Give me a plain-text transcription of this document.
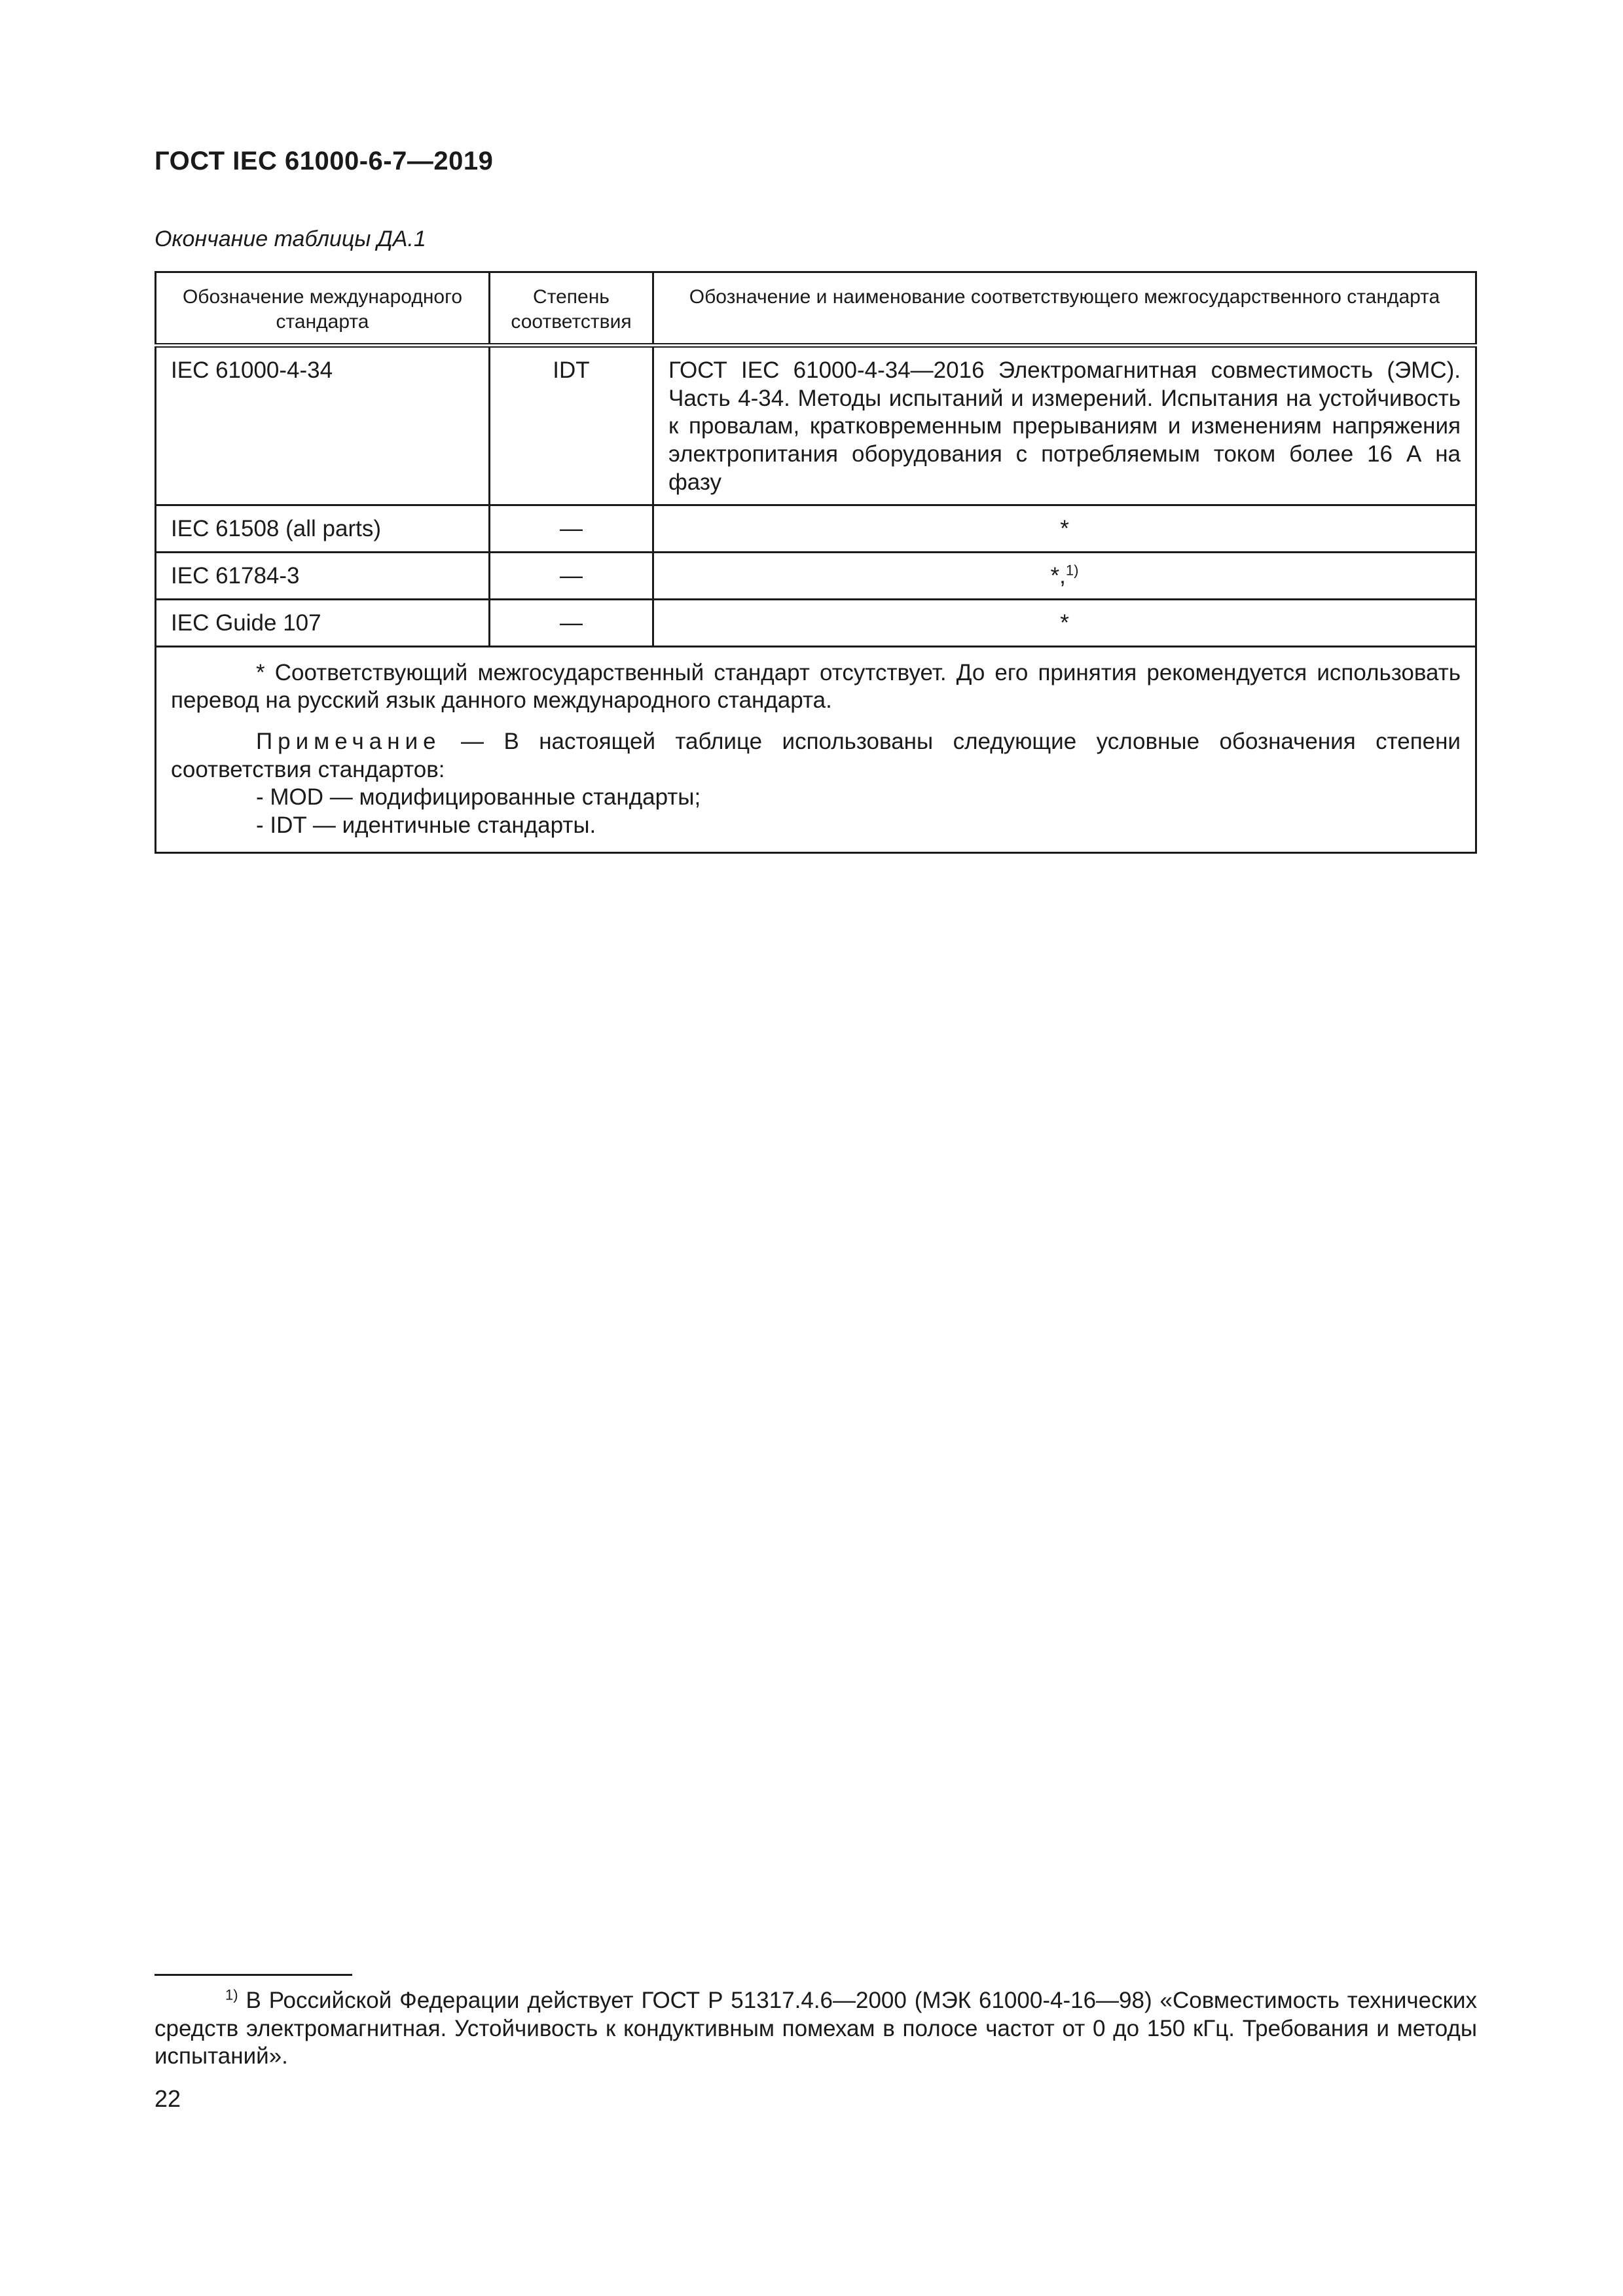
ГОСТ IEC 61000-6-7—2019
Окончание таблицы ДА.1
Обозначение международного стандарта	Степень соответствия	Обозначение и наименование соответствующего межгосударственного стандарта
IEC 61000-4-34	IDT	ГОСТ IEC 61000-4-34—2016 Электромагнитная совместимость (ЭМС). Часть 4-34. Методы испытаний и измерений. Испытания на устойчивость к провалам, кратковременным прерываниям и изменениям напряжения электропитания оборудования с потребляемым током более 16 А на фазу
IEC 61508 (all parts)	—	*
IEC 61784-3	—	*,$^{1)}$
IEC Guide 107	—	*

* Соответствующий межгосударственный стандарт отсутствует. До его принятия рекомендуется использовать перевод на русский язык данного международного стандарта.

Примечание — В настоящей таблице использованы следующие условные обозначения степени соответствия стандартов:

- MOD — модифицированные стандарты;

- IDT — идентичные стандарты.		

$^{1)}$ В Российской Федерации действует ГОСТ Р 51317.4.6—2000 (МЭК 61000-4-16—98) «Совместимость технических средств электромагнитная. Устойчивость к кондуктивным помехам в полосе частот от 0 до 150 кГц. Требования и методы испытаний».
22
